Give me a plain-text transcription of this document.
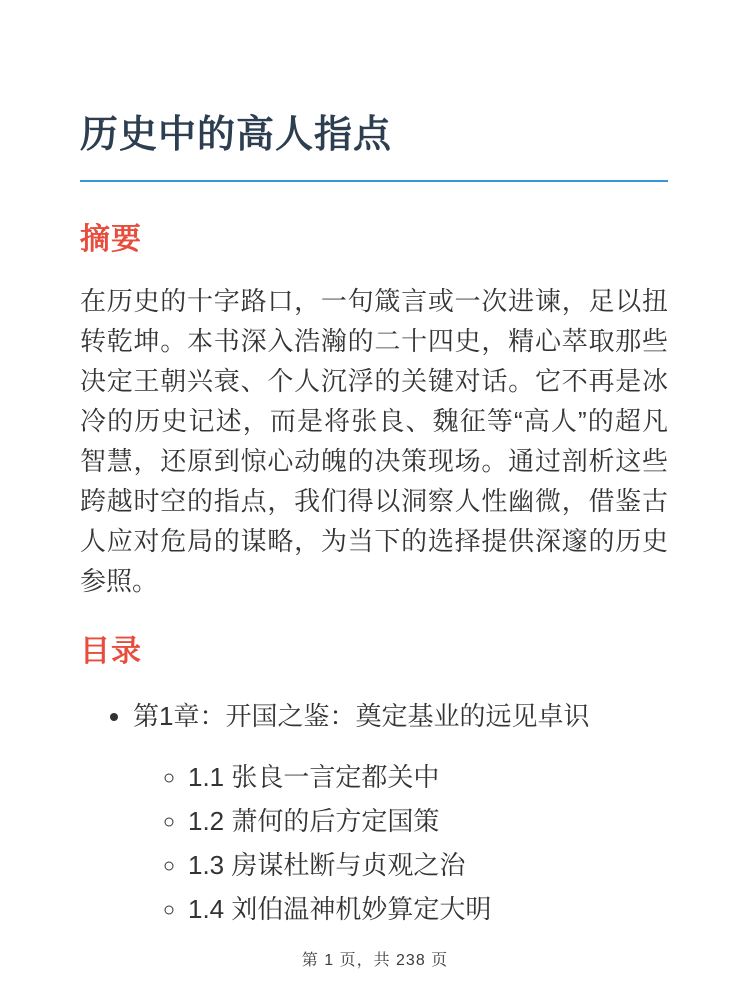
历史中的高人指点
摘要

在历史的十字路口，一句箴言或一次进谏，足以扭转乾坤。本书深入浩瀚的二十四史，精心萃取那些决定王朝兴衰、个人沉浮的关键对话。它不再是冰冷的历史记述，而是将张良、魏征等“高人”的超凡智慧，还原到惊心动魄的决策现场。通过剖析这些跨越时空的指点，我们得以洞察人性幽微，借鉴古人应对危局的谋略，为当下的选择提供深邃的历史参照。

目录
• 第1章：开国之鉴：奠定基业的远见卓识
◦ 1.1 张良一言定都关中
◦ 1.2 萧何的后方定国策
◦ 1.3 房谋杜断与贞观之治
◦ 1.4 刘伯温神机妙算定大明
第 1 页，共 238 页
